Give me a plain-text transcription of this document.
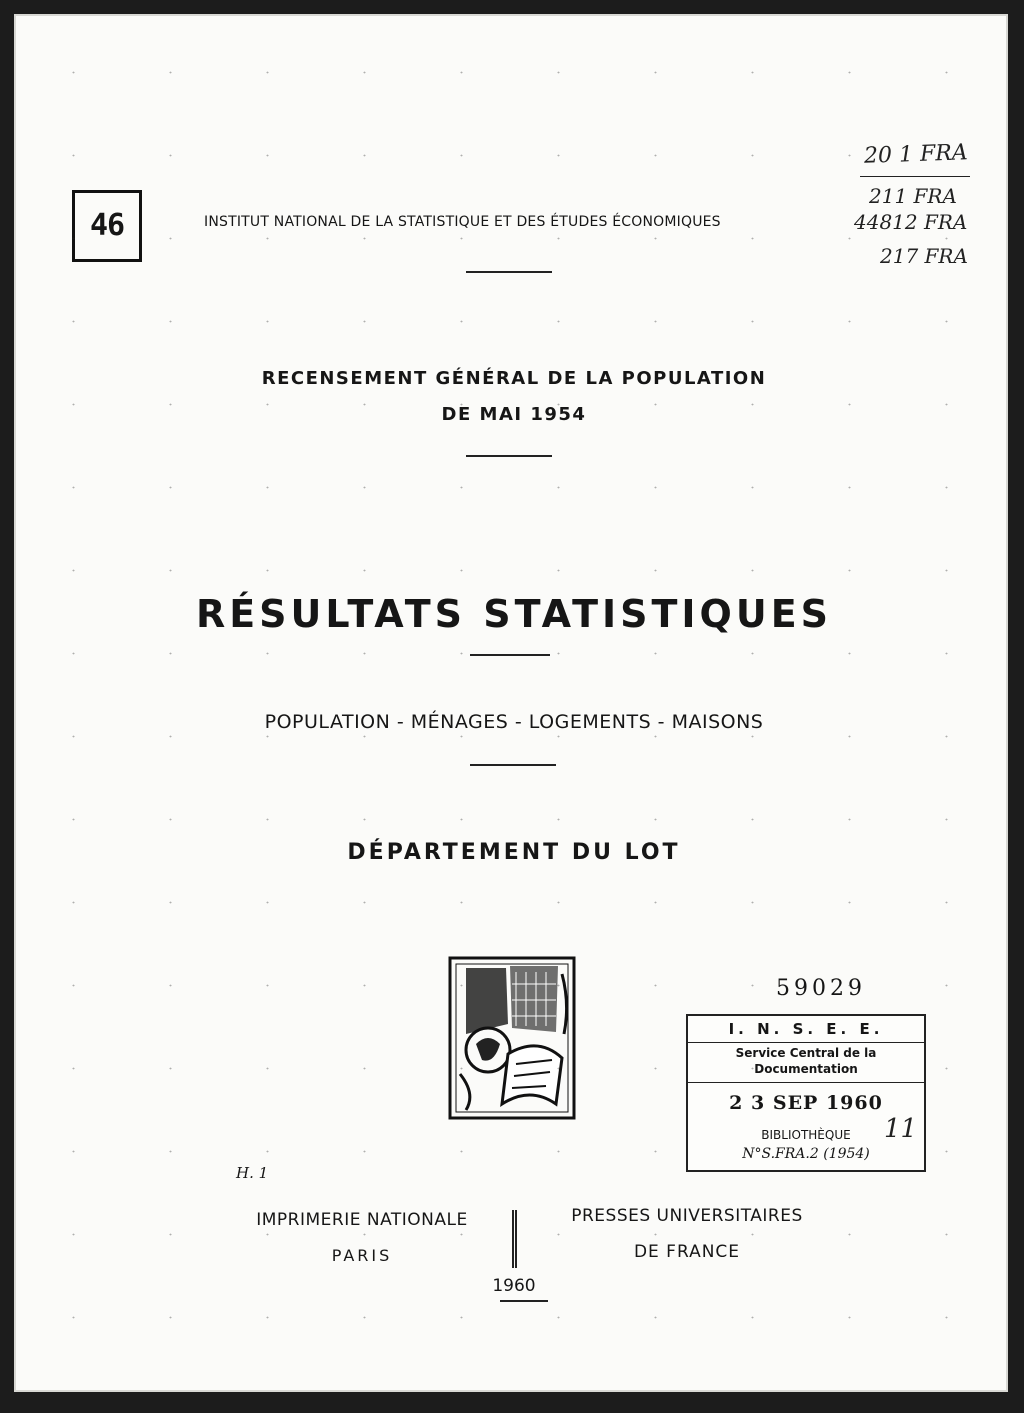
46	INSTITUT NATIONAL DE LA STATISTIQUE ET DES ÉTUDES ÉCONOMIQUES
20 1 FRA
211 FRA
44812 FRA
217 FRA
RECENSEMENT GÉNÉRAL DE LA POPULATION
DE MAI 1954
RÉSULTATS STATISTIQUES
POPULATION - MÉNAGES - LOGEMENTS - MAISONS
DÉPARTEMENT DU LOT
59029
I. N. S. E. E.
Service Central de la
Documentation
2 3 SEP 1960
BIBLIOTHÈQUE
N°S.FRA.2 (1954)
11
H. 1
IMPRIMERIE NATIONALE
PARIS
PRESSES UNIVERSITAIRES
DE FRANCE
1960
